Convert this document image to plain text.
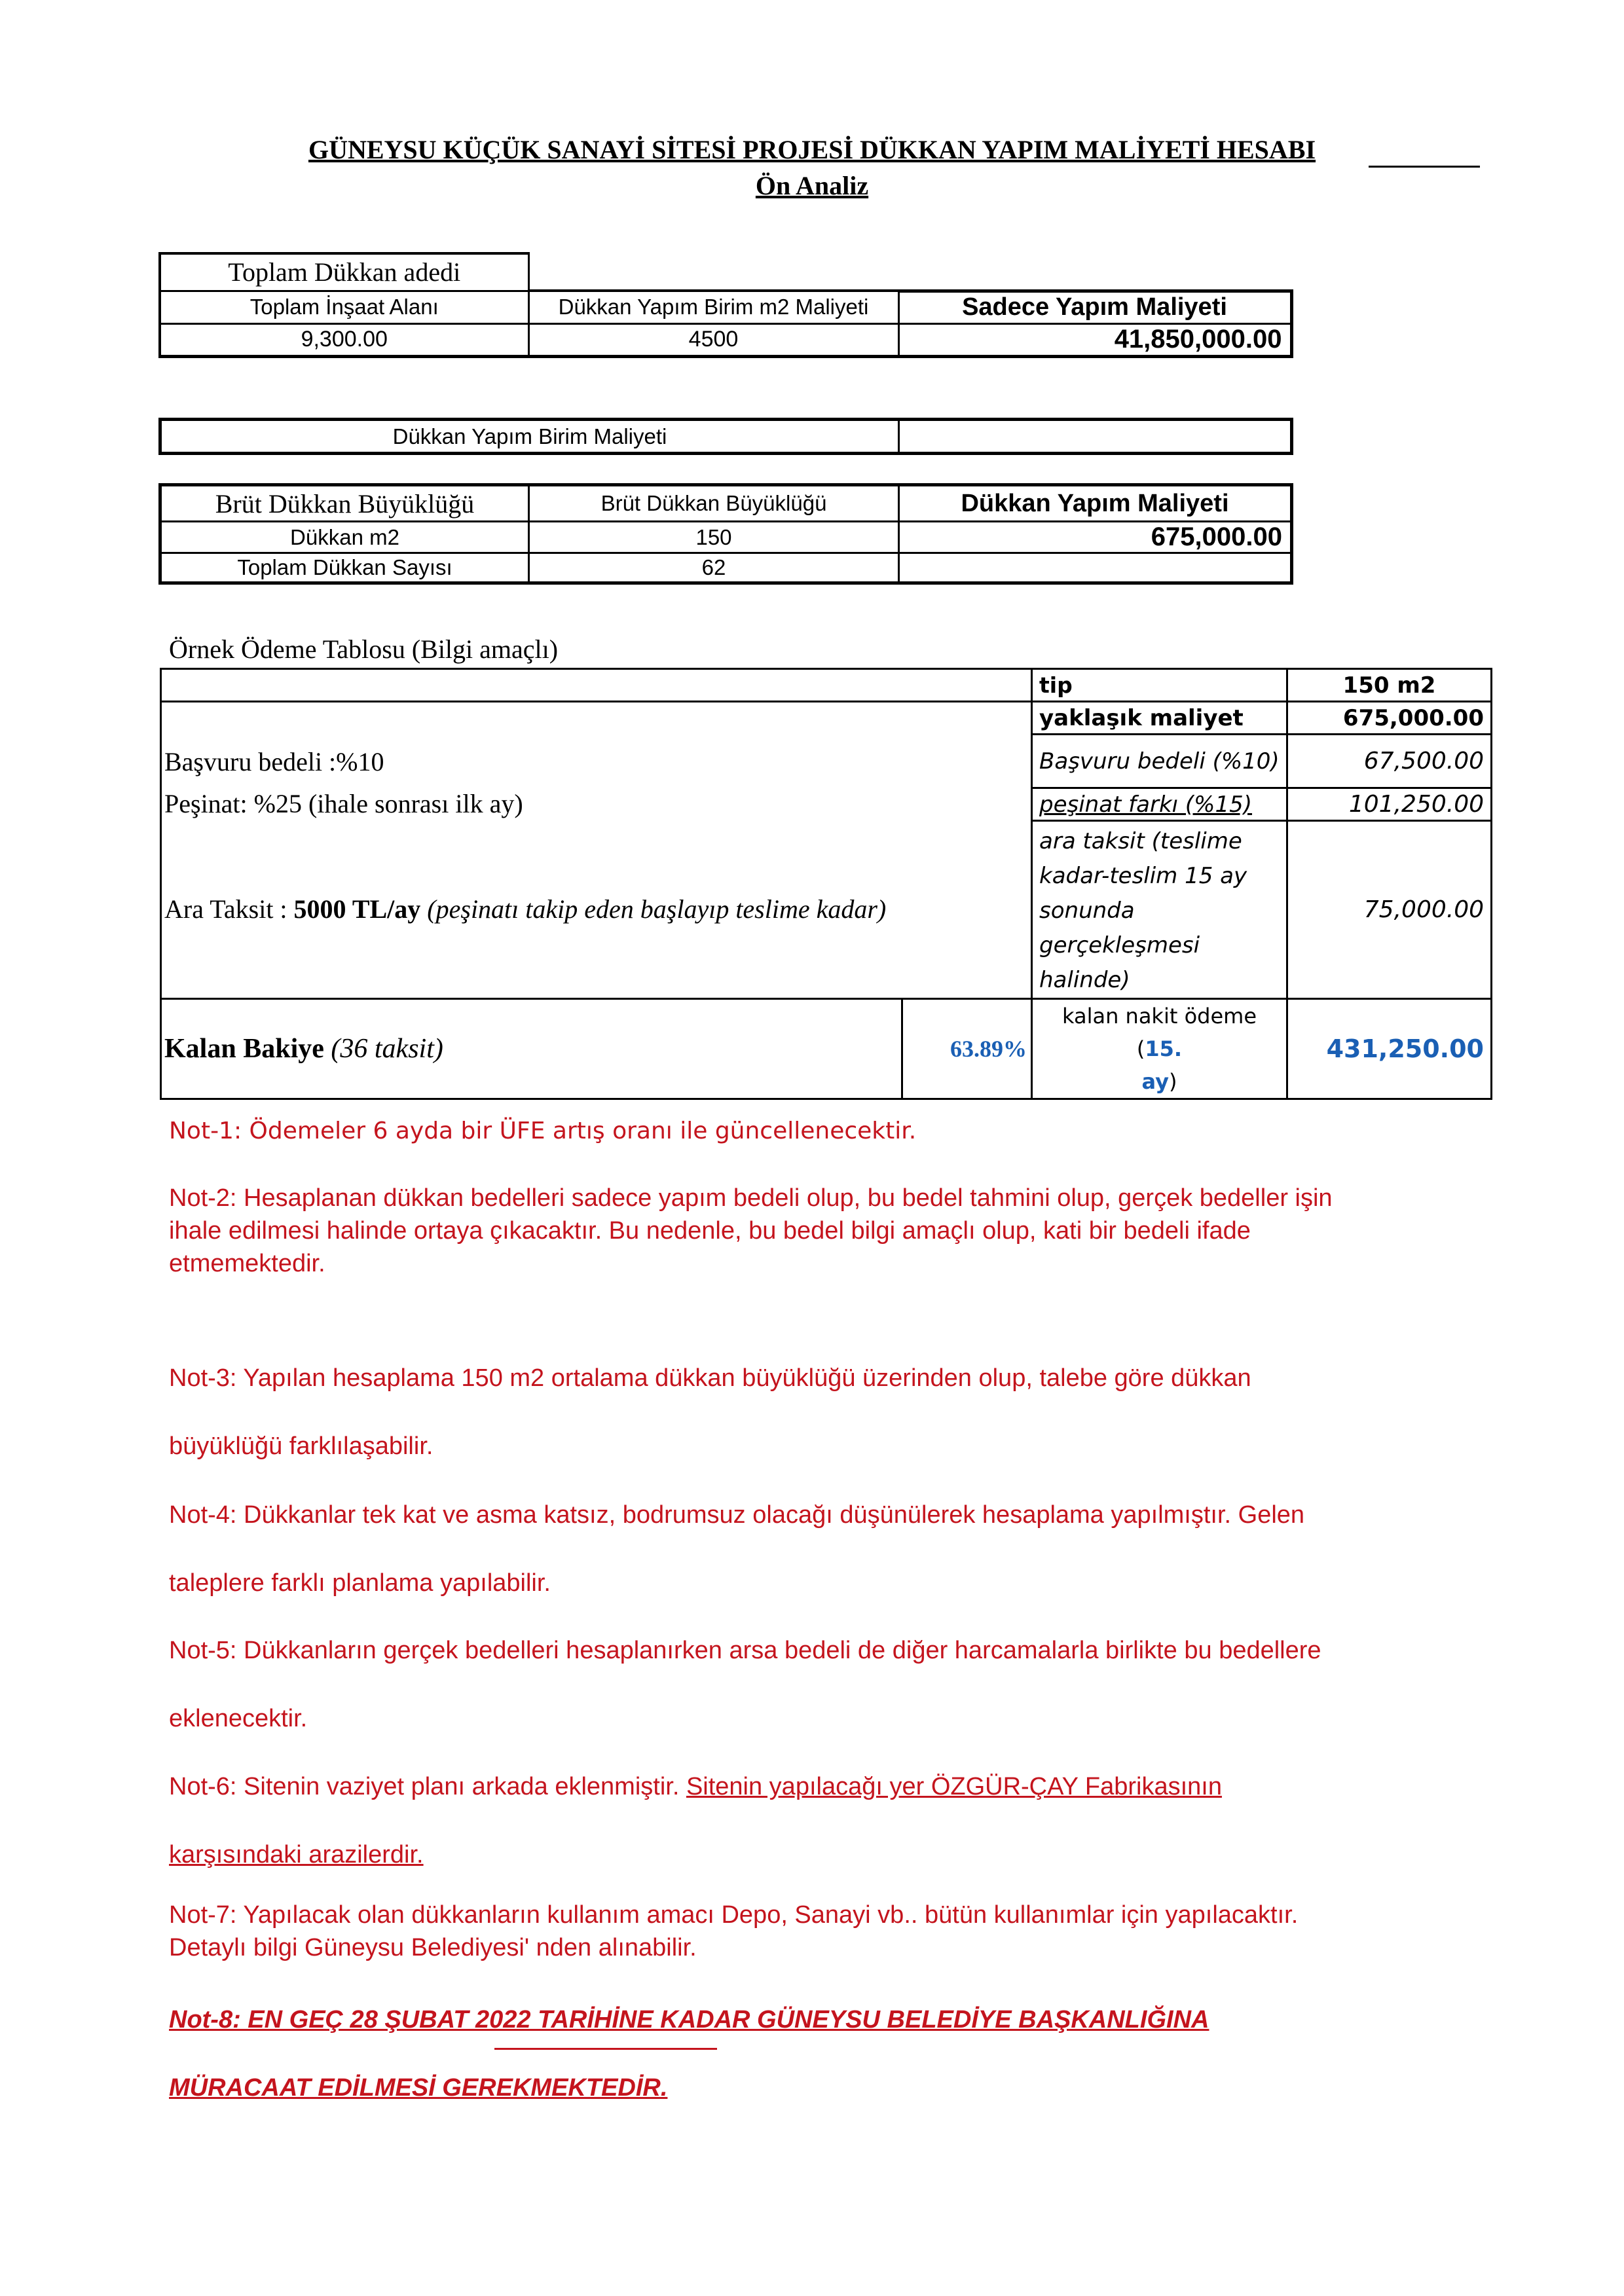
GÜNEYSU KÜÇÜK SANAYİ SİTESİ PROJESİ DÜKKAN YAPIM MALİYETİ HESABI
Ön Analiz
Toplam Dükkan adedi		
Toplam İnşaat Alanı	Dükkan Yapım Birim m2 Maliyeti	Sadece Yapım Maliyeti
9,300.00	4500	41,850,000.00
Dükkan Yapım Birim Maliyeti	
Brüt Dükkan Büyüklüğü	Brüt Dükkan Büyüklüğü	Dükkan Yapım Maliyeti
Dükkan m2	150	675,000.00
Toplam Dükkan Sayısı	62	
Örnek Ödeme Tablosu (Bilgi amaçlı)
		tip	150 m2
		yaklaşık maliyet	675,000.00
Başvuru bedeli :%10		Başvuru bedeli (%10)	67,500.00
Peşinat: %25 (ihale sonrası ilk ay)		peşinat farkı (%15)	101,250.00
Ara Taksit : 5000 TL/ay (peşinatı takip eden başlayıp teslime kadar)		ara taksit (teslime
kadar-teslim 15 ay
sonunda
gerçekleşmesi
halinde)	75,000.00
Kalan Bakiye (36 taksit)	63.89%	kalan nakit ödeme (15.
ay)	431,250.00
Not-1: Ödemeler 6 ayda bir ÜFE artış oranı ile güncellenecektir.
Not-2: Hesaplanan dükkan bedelleri sadece yapım bedeli olup, bu bedel tahmini olup, gerçek bedeller işin
ihale edilmesi halinde ortaya çıkacaktır. Bu nedenle, bu bedel bilgi amaçlı olup, kati bir bedeli ifade
etmemektedir.
Not-3: Yapılan hesaplama 150 m2 ortalama dükkan büyüklüğü üzerinden olup, talebe göre dükkan
büyüklüğü farklılaşabilir.
Not-4: Dükkanlar tek kat ve asma katsız, bodrumsuz olacağı düşünülerek hesaplama yapılmıştır. Gelen
taleplere farklı planlama yapılabilir.
Not-5: Dükkanların gerçek bedelleri hesaplanırken arsa bedeli de diğer harcamalarla birlikte bu bedellere
eklenecektir.
Not-6: Sitenin vaziyet planı arkada eklenmiştir. Sitenin yapılacağı yer ÖZGÜR-ÇAY Fabrikasının
karşısındaki arazilerdir.
Not-7: Yapılacak olan dükkanların kullanım amacı Depo, Sanayi vb.. bütün kullanımlar için yapılacaktır.
Detaylı bilgi Güneysu Belediyesi' nden alınabilir.
Not-8: EN GEÇ 28 ŞUBAT 2022 TARİHİNE KADAR GÜNEYSU BELEDİYE BAŞKANLIĞINA
MÜRACAAT EDİLMESİ GEREKMEKTEDİR.
